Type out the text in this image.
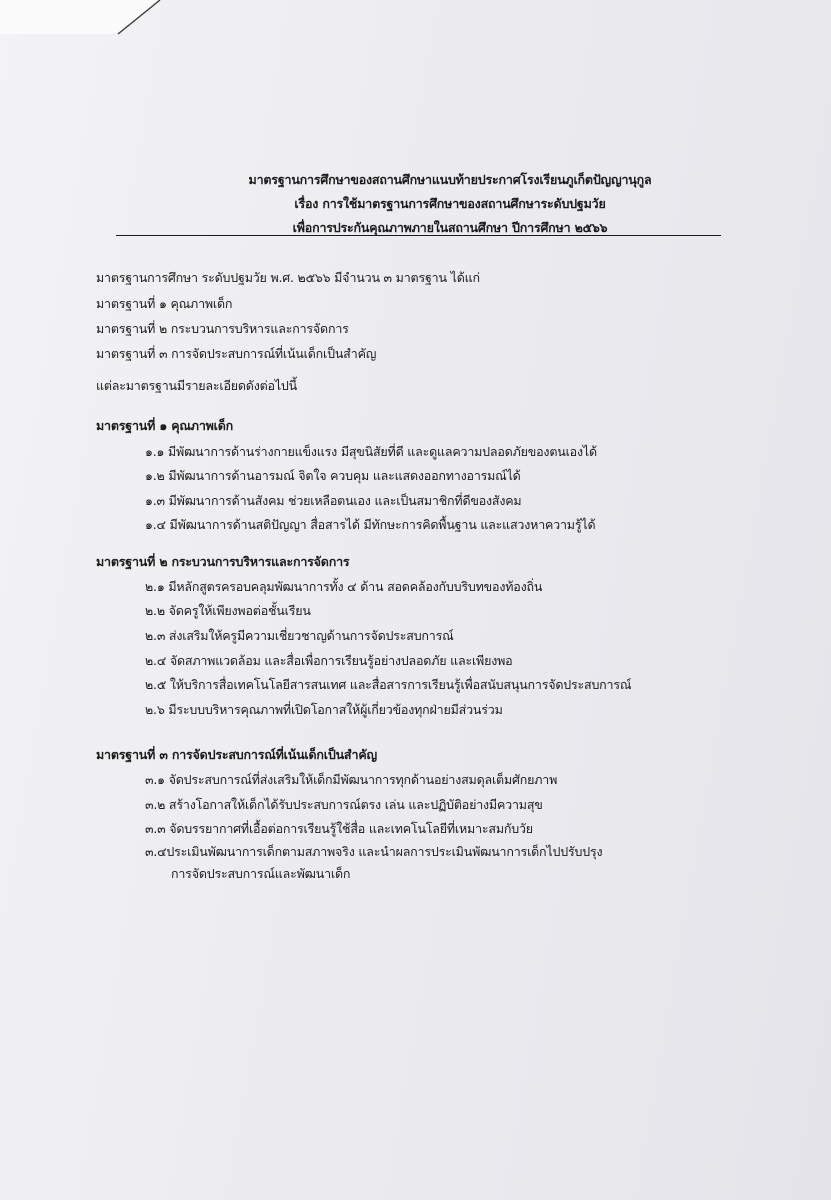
มาตรฐานการศึกษาของสถานศึกษาแนบท้ายประกาศโรงเรียนภูเก็ตปัญญานุกูล
เรื่อง การใช้มาตรฐานการศึกษาของสถานศึกษาระดับปฐมวัย
เพื่อการประกันคุณภาพภายในสถานศึกษา ปีการศึกษา ๒๕๖๖
มาตรฐานการศึกษา ระดับปฐมวัย พ.ศ. ๒๕๖๖ มีจำนวน ๓ มาตรฐาน ได้แก่
มาตรฐานที่ ๑ คุณภาพเด็ก
มาตรฐานที่ ๒ กระบวนการบริหารและการจัดการ
มาตรฐานที่ ๓ การจัดประสบการณ์ที่เน้นเด็กเป็นสำคัญ
แต่ละมาตรฐานมีรายละเอียดดังต่อไปนี้
มาตรฐานที่ ๑ คุณภาพเด็ก
๑.๑ มีพัฒนาการด้านร่างกายแข็งแรง มีสุขนิสัยที่ดี และดูแลความปลอดภัยของตนเองได้
๑.๒ มีพัฒนาการด้านอารมณ์ จิตใจ ควบคุม และแสดงออกทางอารมณ์ได้
๑.๓ มีพัฒนาการด้านสังคม ช่วยเหลือตนเอง และเป็นสมาชิกที่ดีของสังคม
๑.๔ มีพัฒนาการด้านสติปัญญา สื่อสารได้ มีทักษะการคิดพื้นฐาน และแสวงหาความรู้ได้
มาตรฐานที่ ๒ กระบวนการบริหารและการจัดการ
๒.๑ มีหลักสูตรครอบคลุมพัฒนาการทั้ง ๔ ด้าน สอดคล้องกับบริบทของท้องถิ่น
๒.๒ จัดครูให้เพียงพอต่อชั้นเรียน
๒.๓ ส่งเสริมให้ครูมีความเชี่ยวชาญด้านการจัดประสบการณ์
๒.๔ จัดสภาพแวดล้อม และสื่อเพื่อการเรียนรู้อย่างปลอดภัย และเพียงพอ
๒.๕ ให้บริการสื่อเทคโนโลยีสารสนเทศ และสื่อสารการเรียนรู้เพื่อสนับสนุนการจัดประสบการณ์
๒.๖ มีระบบบริหารคุณภาพที่เปิดโอกาสให้ผู้เกี่ยวข้องทุกฝ่ายมีส่วนร่วม
มาตรฐานที่ ๓ การจัดประสบการณ์ที่เน้นเด็กเป็นสำคัญ
๓.๑ จัดประสบการณ์ที่ส่งเสริมให้เด็กมีพัฒนาการทุกด้านอย่างสมดุลเต็มศักยภาพ
๓.๒ สร้างโอกาสให้เด็กได้รับประสบการณ์ตรง เล่น และปฏิบัติอย่างมีความสุข
๓.๓ จัดบรรยากาศที่เอื้อต่อการเรียนรู้ใช้สื่อ และเทคโนโลยีที่เหมาะสมกับวัย
๓.๔ประเมินพัฒนาการเด็กตามสภาพจริง และนำผลการประเมินพัฒนาการเด็กไปปรับปรุง
การจัดประสบการณ์และพัฒนาเด็ก
